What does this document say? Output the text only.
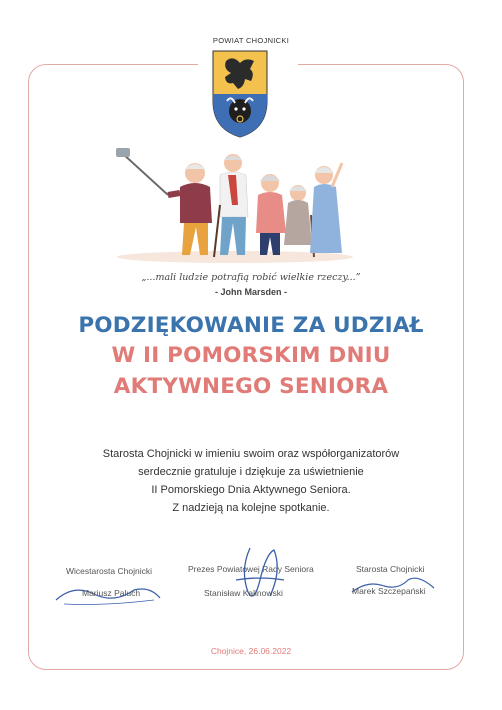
POWIAT CHOJNICKI
„...mali ludzie potrafią robić wielkie rzeczy...”
- John Marsden -
PODZIĘKOWANIE ZA UDZIAŁ
W II POMORSKIM DNIU
AKTYWNEGO SENIORA
Starosta Chojnicki w imieniu swoim oraz współorganizatorów
serdecznie gratuluje i dziękuje za uświetnienie
II Pomorskiego Dnia Aktywnego Seniora.
Z nadzieją na kolejne spotkanie.
Wicestarosta Chojnicki
Mariusz Paluch
Prezes Powiatowej Rady Seniora
Stanisław Kalinowski
Starosta Chojnicki
Marek Szczepański
Chojnice, 26.06.2022
